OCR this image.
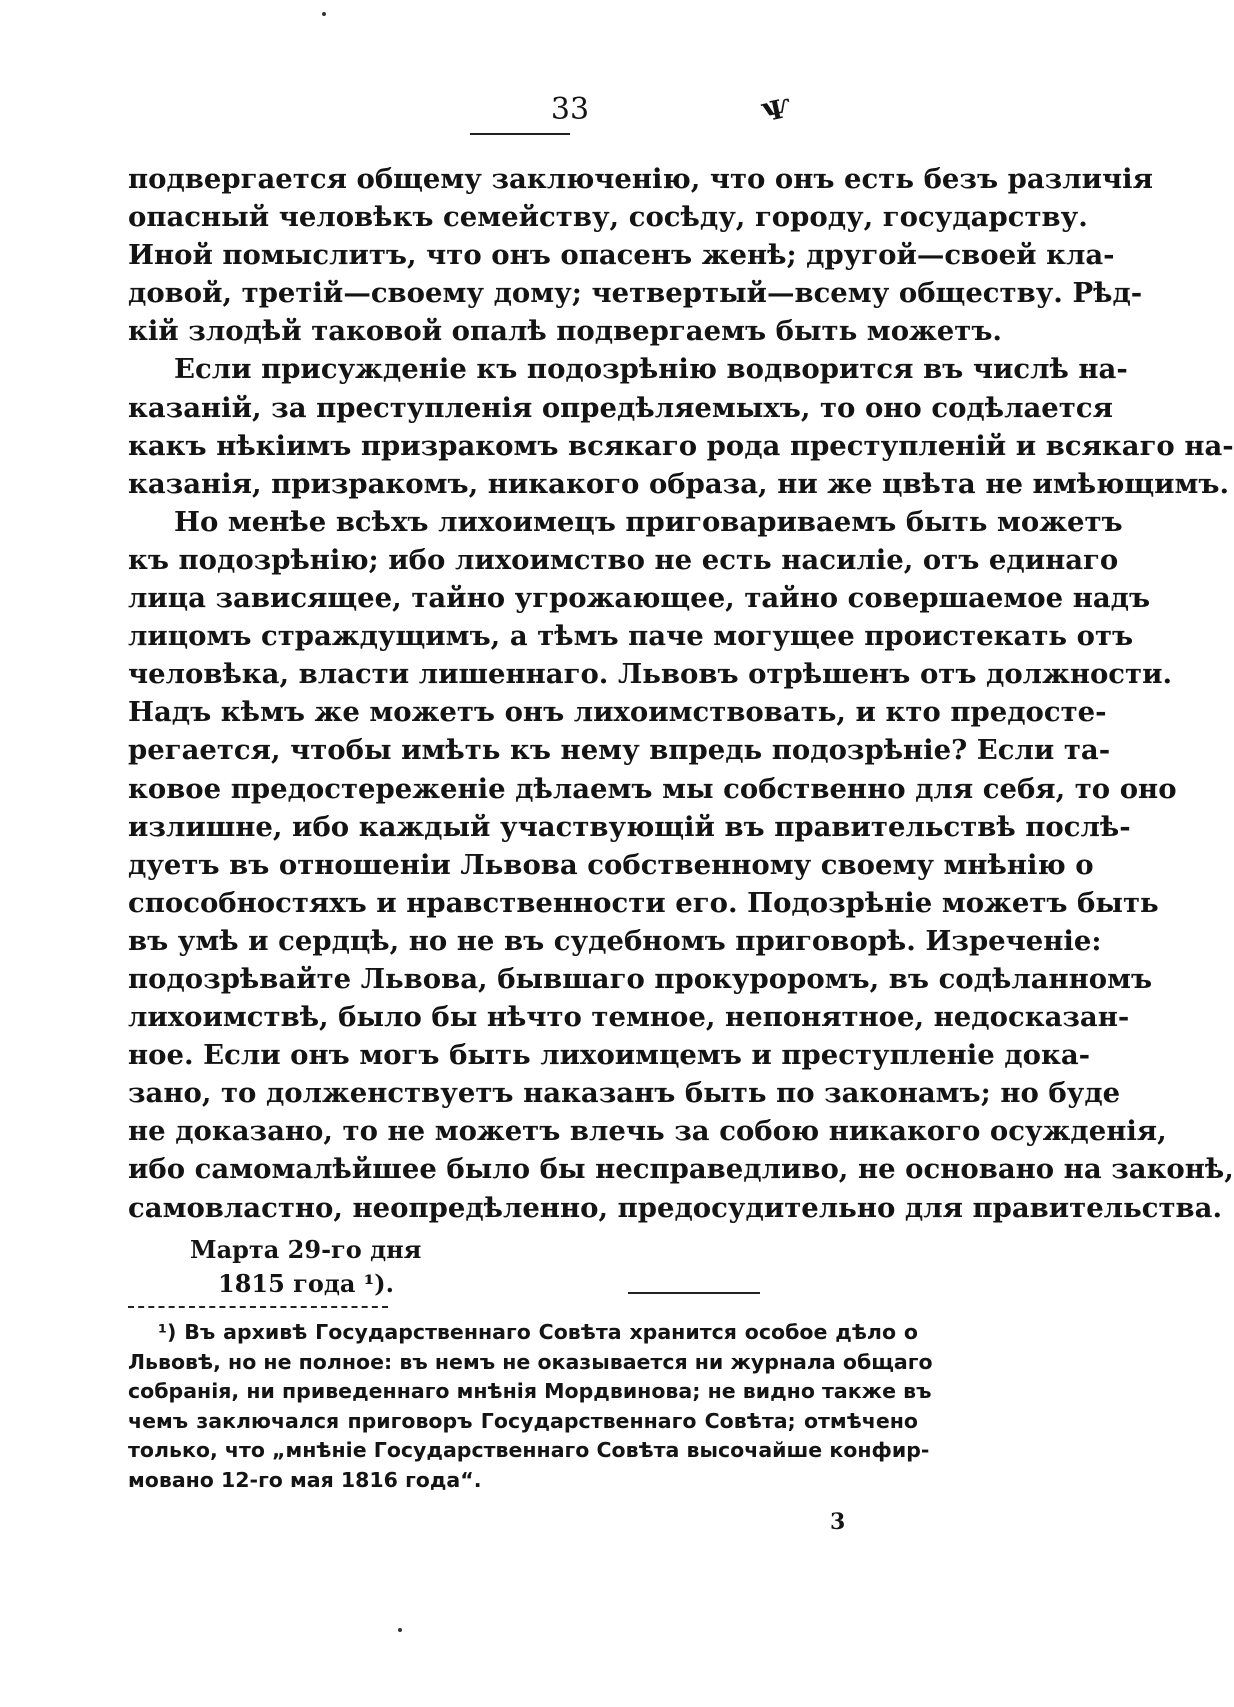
33	Ѱ
подвергается общему заключенію, что онъ есть безъ различія
опасный человѣкъ семейству, сосѣду, городу, государству.
Иной помыслитъ, что онъ опасенъ женѣ; другой—своей кла-
довой, третій—своему дому; четвертый—всему обществу. Рѣд-
кій злодѣй таковой опалѣ подвергаемъ быть можетъ.
Если присужденіе къ подозрѣнію водворится въ числѣ на-
казаній, за преступленія опредѣляемыхъ, то оно содѣлается
какъ нѣкіимъ призракомъ всякаго рода преступленій и всякаго на-
казанія, призракомъ, никакого образа, ни же цвѣта не имѣющимъ.
Но менѣе всѣхъ лихоимецъ приговариваемъ быть можетъ
къ подозрѣнію; ибо лихоимство не есть насиліе, отъ единаго
лица зависящее, тайно угрожающее, тайно совершаемое надъ
лицомъ страждущимъ, а тѣмъ паче могущее проистекать отъ
человѣка, власти лишеннаго. Львовъ отрѣшенъ отъ должности.
Надъ кѣмъ же можетъ онъ лихоимствовать, и кто предосте-
регается, чтобы имѣть къ нему впредь подозрѣніе? Если та-
ковое предостереженіе дѣлаемъ мы собственно для себя, то оно
излишне, ибо каждый участвующій въ правительствѣ послѣ-
дуетъ въ отношеніи Львова собственному своему мнѣнію о
способностяхъ и нравственности его. Подозрѣніе можетъ быть
въ умѣ и сердцѣ, но не въ судебномъ приговорѣ. Изреченіе:
подозрѣвайте Львова, бывшаго прокуроромъ, въ содѣланномъ
лихоимствѣ, было бы нѣчто темное, непонятное, недосказан-
ное. Если онъ могъ быть лихоимцемъ и преступленіе дока-
зано, то долженствуетъ наказанъ быть по законамъ; но буде
не доказано, то не можетъ влечь за собою никакого осужденія,
ибо самомалѣйшее было бы несправедливо, не основано на законѣ,
самовластно, неопредѣленно, предосудительно для правительства.
Марта 29-го дня
1815 года ¹).
¹) Въ архивѣ Государственнаго Совѣта хранится особое дѣло о
Львовѣ, но не полное: въ немъ не оказывается ни журнала общаго
собранія, ни приведеннаго мнѣнія Мордвинова; не видно также въ
чемъ заключался приговоръ Государственнаго Совѣта; отмѣчено
только, что „мнѣніе Государственнаго Совѣта высочайше конфир-
мовано 12-го мая 1816 года“.
3
